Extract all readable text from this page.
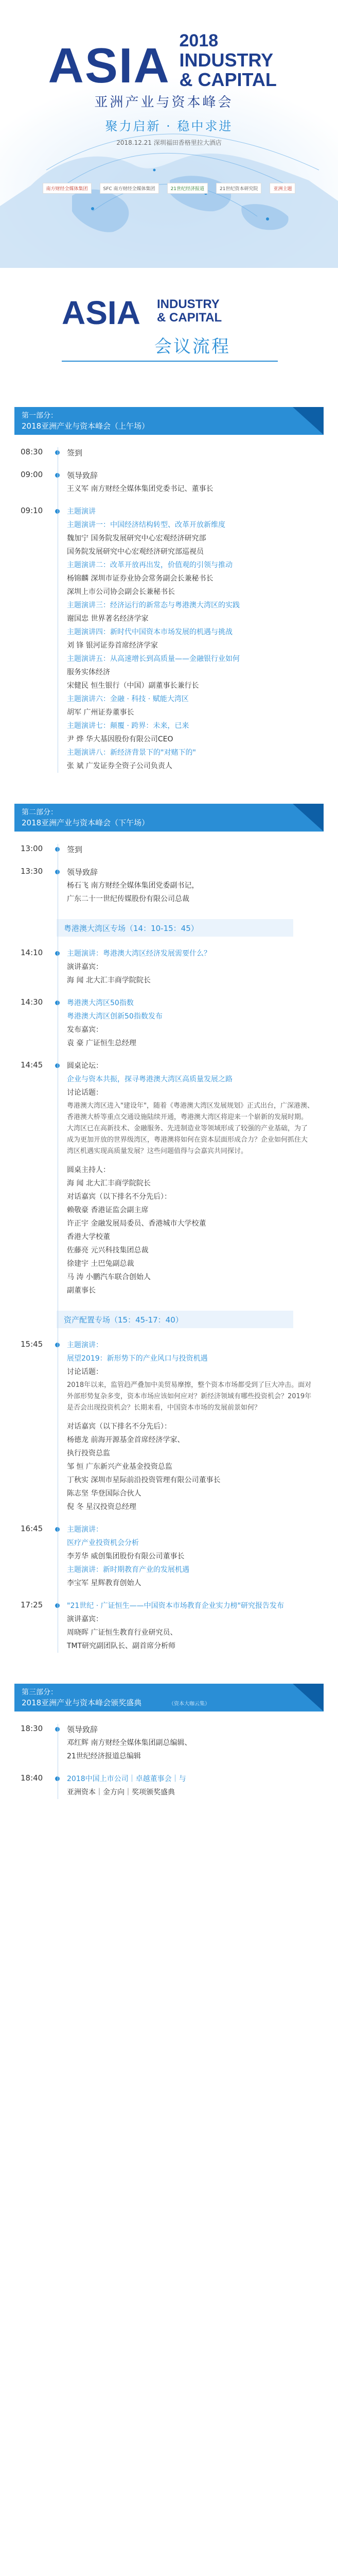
2018
ASIA INDUSTRY
& CAPITAL
亚洲产业与资本峰会
聚力启新 · 稳中求进
2018.12.21 深圳福田香格里拉大酒店
南方财经全媒体集团	SFC 南方财经全媒体集团	21世纪经济报道	21世纪资本研究院	亚洲主题
ASIA INDUSTRY
& CAPITAL
会议流程
第一部分：
2018亚洲产业与资本峰会（上午场）
08:30	签到
09:00	领导致辞
王义军 南方财经全媒体集团党委书记、董事长
09:10	主题演讲
主题演讲一：中国经济结构转型、改革开放新维度
魏加宁 国务院发展研究中心宏观经济研究部
国务院发展研究中心宏观经济研究部巡视员
主题演讲二：改革开放再出发，价值观的引领与推动
杨锦麟 深圳市证券业协会常务副会长兼秘书长
深圳上市公司协会副会长兼秘书长
主题演讲三：经济运行的新常态与粤港澳大湾区的实践
谢国忠 世界著名经济学家
主题演讲四：新时代中国资本市场发展的机遇与挑战
刘 锋 银河证券首席经济学家
主题演讲五：从高速增长到高质量——金融银行业如何
服务实体经济
宋健民 恒生银行（中国）副董事长兼行长
主题演讲六：金融 · 科技 · 赋能大湾区
胡军 广州证券董事长
主题演讲七：颠覆 · 跨界：未来，已来
尹 烨 华大基因股份有限公司CEO
主题演讲八：新经济背景下的"对赌下的"
张 斌 广发证券全资子公司负责人
第二部分：
2018亚洲产业与资本峰会（下午场）
13:00	签到
13:30	领导致辞
杨石飞 南方财经全媒体集团党委副书记，
广东二十一世纪传媒股份有限公司总裁
粤港澳大湾区专场（14：10-15：45）
14:10	主题演讲：粤港澳大湾区经济发展需要什么？
演讲嘉宾：
海 闻 北大汇丰商学院院长
14:30	粤港澳大湾区50指数
粤港澳大湾区创新50指数发布
发布嘉宾：
袁 豪 广证恒生总经理
14:45	圆桌论坛：
企业与资本共振，探寻粤港澳大湾区高质量发展之路
讨论话题：
粤港澳大湾区进入"建设年"，随着《粤港澳大湾区发展规划》正式出台，广深港澳、香港澳大桥等重点交通设施陆续开通，粤港澳大湾区将迎来一个崭新的发展时期。大湾区已在高新技术、金融服务、先进制造业等领域形成了较强的产业基础，为了成为更加开放的世界级湾区，粤港澳将如何在资本层面形成合力？企业如何抓住大湾区机遇实现高质量发展？这些问题值得与会嘉宾共同探讨。
圆桌主持人：
海 闻 北大汇丰商学院院长
对话嘉宾（以下排名不分先后）：
赖敬豪 香港证监会副主席
许正宇 金融发展局委员、香港城市大学校董
香港大学校董
佐藤亮 元兴科技集团总裁
徐建宇 土巴兔副总裁
马 涛 小鹏汽车联合创始人
副董事长
资产配置专场（15：45-17：40）
15:45	主题演讲：
展望2019：新形势下的产业风口与投资机遇
讨论话题：
2018年以来，监管趋严叠加中美贸易摩擦，整个资本市场都受到了巨大冲击。面对外部形势复杂多变，资本市场应该如何应对？新经济领域有哪些投资机会？2019年是否会出现投资机会？长期来看，中国资本市场的发展前景如何？
对话嘉宾（以下排名不分先后）：
杨德龙 前海开源基金首席经济学家、
执行投资总监
邹 恒 广东新兴产业基金投资总监
丁秋实 深圳市星际前沿投资管理有限公司董事长
陈志坚 华登国际合伙人
倪 冬 星汉投资总经理
16:45	主题演讲：
医疗产业投资机会分析
李芳华 威创集团股份有限公司董事长
主题演讲：新时期教育产业的发展机遇
李宝军 星辉教育创始人
17:25	"21世纪 · 广证恒生——中国资本市场教育企业实力榜"研究报告发布
演讲嘉宾：
周晓晖 广证恒生教育行业研究员、
TMT研究副团队长、副首席分析师
第三部分：
2018亚洲产业与资本峰会颁奖盛典	（资本大咖云集）
18:30	领导致辞
邓红辉 南方财经全媒体集团副总编辑、
21世纪经济报道总编辑
18:40	2018中国上市公司｜卓越董事会｜与
亚洲资本｜金方向｜奖项颁奖盛典
